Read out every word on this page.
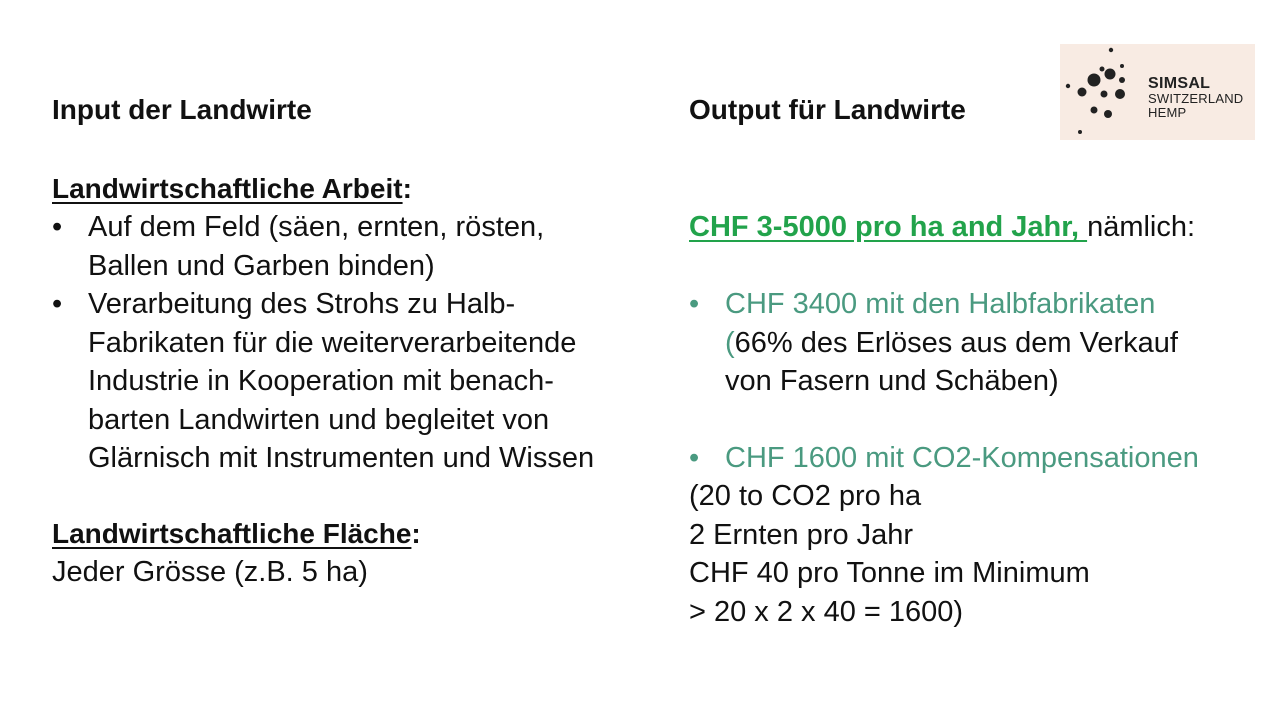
Input der Landwirte
Landwirtschaftliche Arbeit:
• Auf dem Feld (säen, ernten, rösten,
Ballen und Garben binden)
• Verarbeitung des Strohs zu Halb-
Fabrikaten für die weiterverarbeitende
Industrie in Kooperation mit benach-
barten Landwirten und begleitet von
Glärnisch mit Instrumenten und Wissen
Landwirtschaftliche Fläche:
Jeder Grösse (z.B. 5 ha)
Output für Landwirte
CHF 3-5000 pro ha and Jahr, nämlich:
• CHF 3400 mit den Halbfabrikaten
(66% des Erlöses aus dem Verkauf
von Fasern und Schäben)
• CHF 1600 mit CO2-Kompensationen
(20 to CO2 pro ha
2 Ernten pro Jahr
CHF 40 pro Tonne im Minimum
> 20 x 2 x 40 = 1600)
SIMSAL
SWITZERLAND
HEMP
